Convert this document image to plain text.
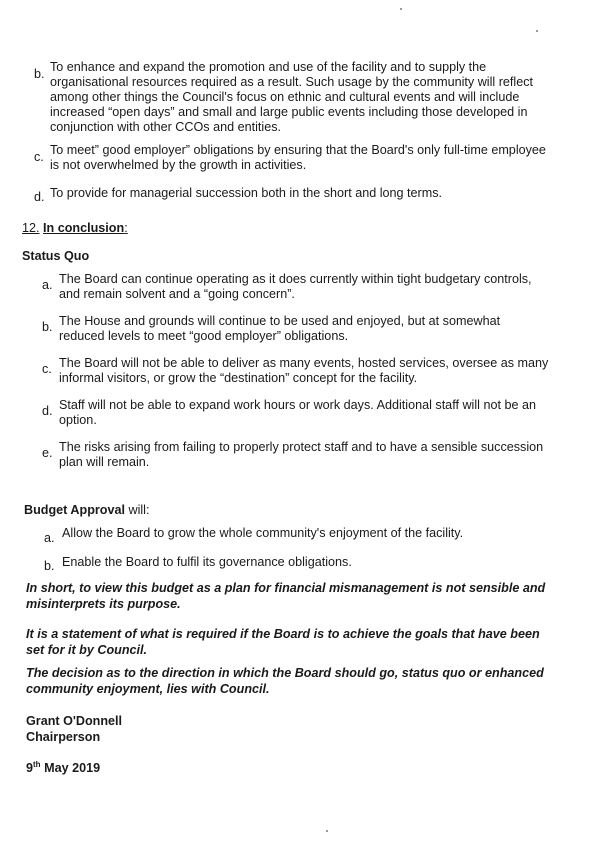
b. To enhance and expand the promotion and use of the facility and to supply the organisational resources required as a result. Such usage by the community will reflect among other things the Council's focus on ethnic and cultural events and will include increased “open days” and small and large public events including those developed in conjunction with other CCOs and entities.
c. To meet” good employer” obligations by ensuring that the Board's only full-time employee is not overwhelmed by the growth in activities.
d. To provide for managerial succession both in the short and long terms.
12. In conclusion:
Status Quo
a. The Board can continue operating as it does currently within tight budgetary controls, and remain solvent and a “going concern”.
b. The House and grounds will continue to be used and enjoyed, but at somewhat reduced levels to meet “good employer” obligations.
c. The Board will not be able to deliver as many events, hosted services, oversee as many informal visitors, or grow the “destination” concept for the facility.
d. Staff will not be able to expand work hours or work days. Additional staff will not be an option.
e. The risks arising from failing to properly protect staff and to have a sensible succession plan will remain.
Budget Approval will:
a. Allow the Board to grow the whole community's enjoyment of the facility.
b. Enable the Board to fulfil its governance obligations.
In short, to view this budget as a plan for financial mismanagement is not sensible and misinterprets its purpose.
It is a statement of what is required if the Board is to achieve the goals that have been set for it by Council.
The decision as to the direction in which the Board should go, status quo or enhanced community enjoyment, lies with Council.
Grant O'Donnell
Chairperson
9th May 2019
